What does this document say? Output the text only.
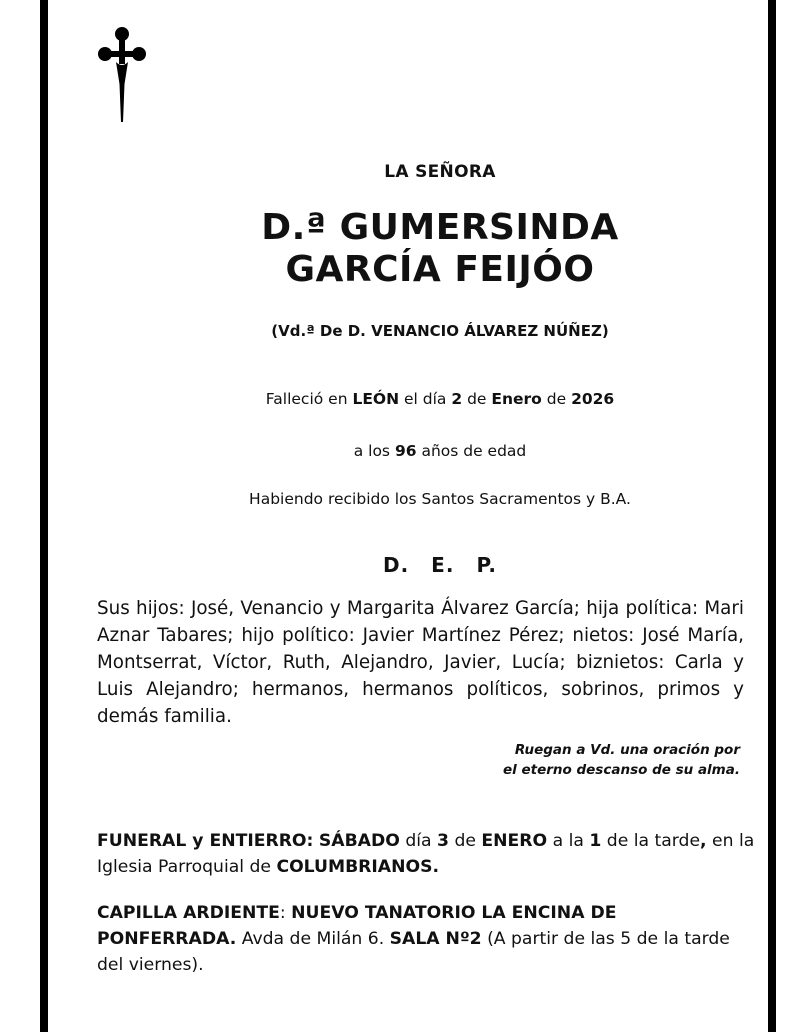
LA SEÑORA
D.ª GUMERSINDA
GARCÍA FEIJÓO
(Vd.ª De D. VENANCIO ÁLVAREZ NÚÑEZ)
Falleció en LEÓN el día 2 de Enero de 2026
a los 96 años de edad
Habiendo recibido los Santos Sacramentos y B.A.
D. E. P.
Sus hijos: José, Venancio y Margarita Álvarez García; hija política: Mari Aznar Tabares; hijo político: Javier Martínez Pérez; nietos: José María, Montserrat, Víctor, Ruth, Alejandro, Javier, Lucía; biznietos: Carla y Luis Alejandro; hermanos, hermanos políticos, sobrinos, primos y demás familia.
Ruegan a Vd. una oración por
el eterno descanso de su alma.
FUNERAL y ENTIERRO: SÁBADO día 3 de ENERO a la 1 de la tarde, en la Iglesia Parroquial de COLUMBRIANOS.
CAPILLA ARDIENTE: NUEVO TANATORIO LA ENCINA DE PONFERRADA. Avda de Milán 6. SALA Nº2 (A partir de las 5 de la tarde del viernes).
